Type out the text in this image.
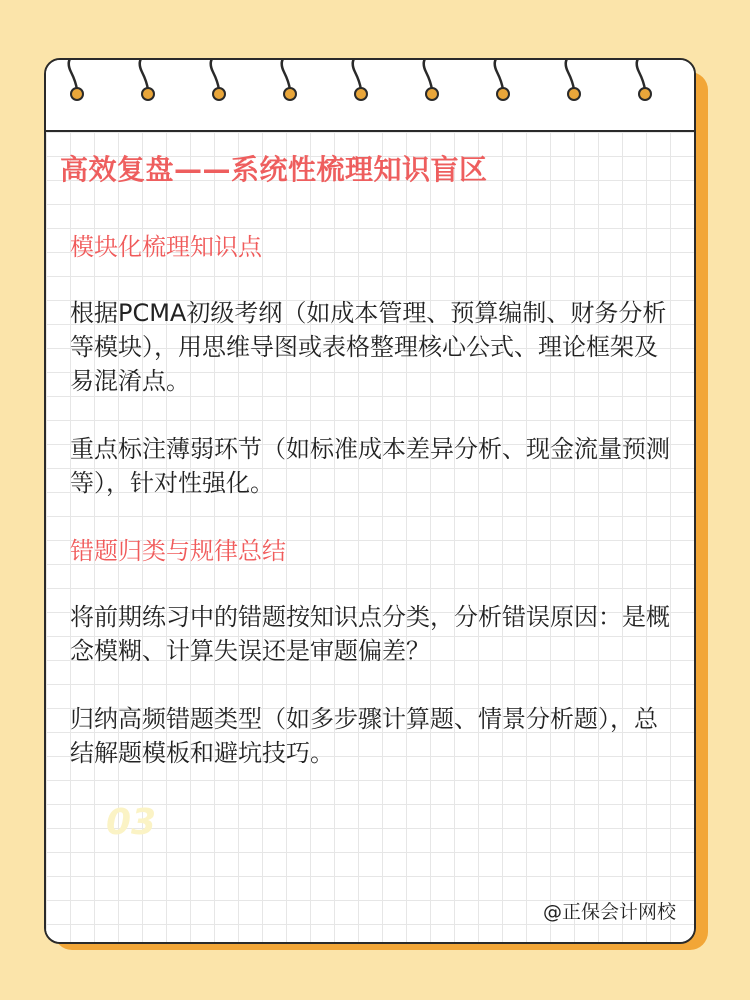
高效复盘——系统性梳理知识盲区
模块化梳理知识点
根据PCMA初级考纲（如成本管理、预算编制、财务分析等模块），用思维导图或表格整理核心公式、理论框架及易混淆点。
重点标注薄弱环节（如标准成本差异分析、现金流量预测等），针对性强化。
错题归类与规律总结
将前期练习中的错题按知识点分类，分析错误原因：是概念模糊、计算失误还是审题偏差？
归纳高频错题类型（如多步骤计算题、情景分析题），总结解题模板和避坑技巧。
03
@正保会计网校
